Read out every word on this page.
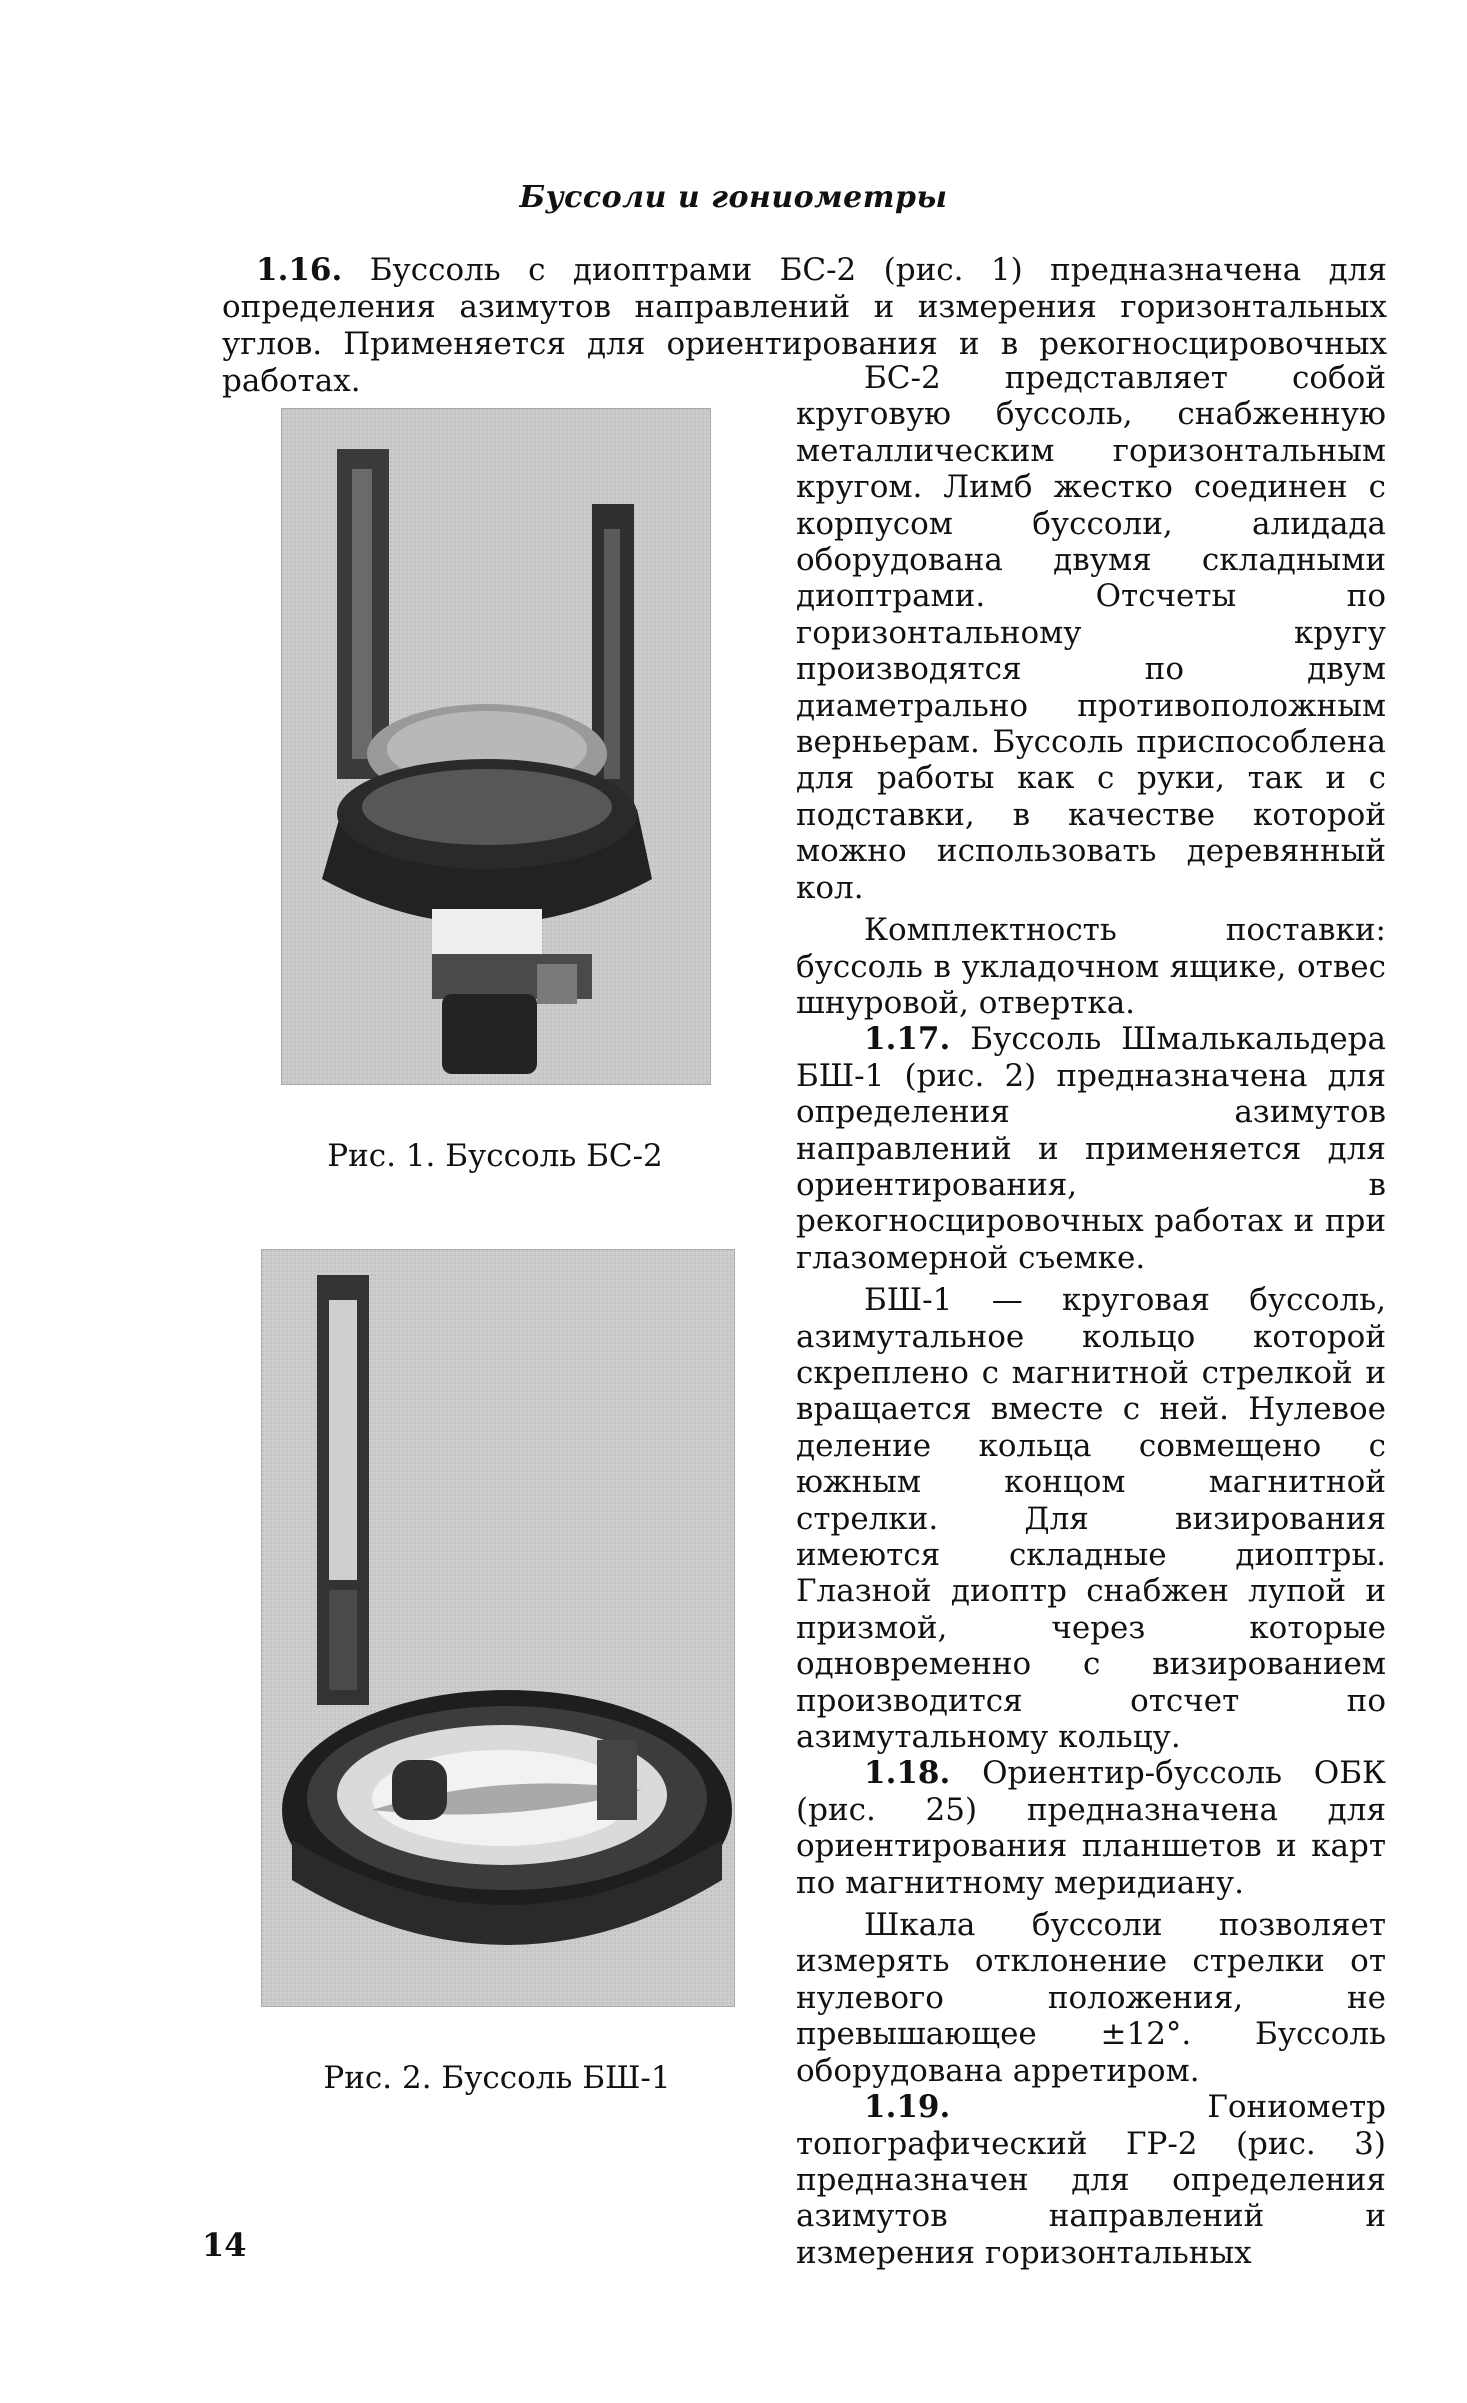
Буссоли и гониометры

1.16. Буссоль с диоптрами БС-2 (рис. 1) предназначена для определения азимутов направлений и измерения горизонтальных углов. Применяется для ориентирования и в рекогносцировочных работах.

Рис. 1. Буссоль БС-2
Рис. 2. Буссоль БШ-1

БС-2 представляет собой круговую буссоль, снабженную металлическим горизонтальным кругом. Лимб жестко соединен с корпусом буссоли, алидада оборудована двумя складными диоптрами. Отсчеты по горизонтальному кругу производятся по двум диаметрально противоположным верньерам. Буссоль приспособлена для работы как с руки, так и с подставки, в качестве которой можно использовать деревянный кол.

Комплектность поставки: буссоль в укладочном ящике, отвес шнуровой, отвертка.

1.17. Буссоль Шмалькальдера БШ-1 (рис. 2) предназначена для определения азимутов направлений и применяется для ориентирования, в рекогносцировочных работах и при глазомерной съемке.

БШ-1 — круговая буссоль, азимутальное кольцо которой скреплено с магнитной стрелкой и вращается вместе с ней. Нулевое деление кольца совмещено с южным концом магнитной стрелки. Для визирования имеются складные диоптры. Глазной диоптр снабжен лупой и призмой, через которые одновременно с визированием производится отсчет по азимутальному кольцу.

1.18. Ориентир-буссоль ОБК (рис. 25) предназначена для ориентирования планшетов и карт по магнитному меридиану.

Шкала буссоли позволяет измерять отклонение стрелки от нулевого положения, не превышающее ±12°. Буссоль оборудована арретиром.

1.19.	Гониометр топографический ГР-2 (рис. 3) предназначен для определения азимутов направлений и измерения горизонтальных

14
